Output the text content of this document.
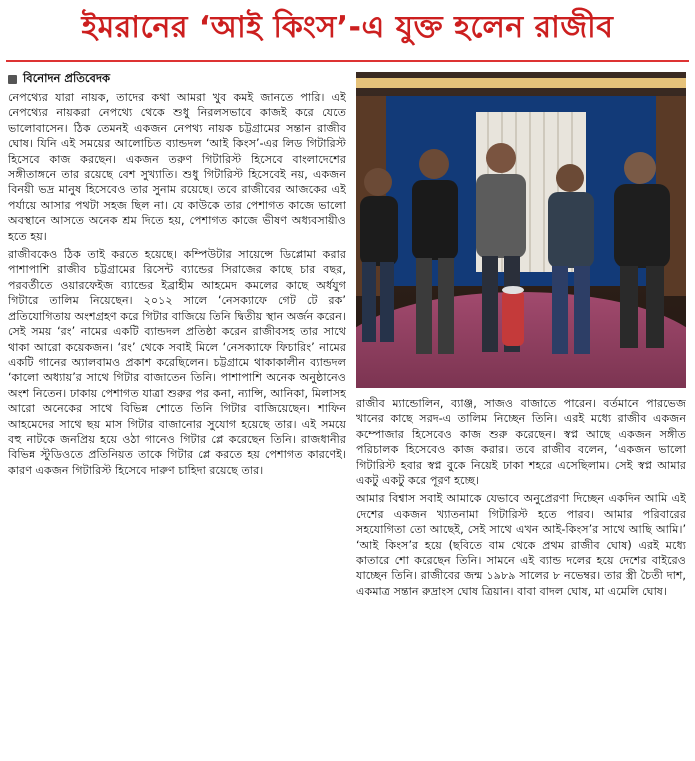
ইমরানের ‘আই কিংস’-এ যুক্ত হলেন রাজীব
বিনোদন প্রতিবেদক

নেপথ্যের যারা নায়ক, তাদের কথা আমরা খুব কমই জানতে পারি। এই নেপথ্যের নায়করা নেপথ্যে থেকে শুধু নিরলসভাবে কাজই করে যেতে ভালোবাসেন। ঠিক তেমনই একজন নেপথ্য নায়ক চট্টগ্রামের সন্তান রাজীব ঘোষ। যিনি এই সময়ের আলোচিত ব্যান্ডদল ‘আই কিংস’-এর লিড গিটারিস্ট হিসেবে কাজ করছেন। একজন তরুণ গিটারিস্ট হিসেবে বাংলাদেশের সঙ্গীতাঙ্গনে তার রয়েছে বেশ সুখ্যাতি। শুধু গিটারিস্ট হিসেবেই নয়, একজন বিনয়ী ভদ্র মানুষ হিসেবেও তার সুনাম রয়েছে। তবে রাজীবের আজকের এই পর্যায়ে আসার পথটা সহজ ছিল না। যে কাউকে তার পেশাগত কাজে ভালো অবস্থানে আসতে অনেক শ্রম দিতে হয়, পেশাগত কাজে ভীষণ অধ্যবসায়ীও হতে হয়।

রাজীবকেও ঠিক তাই করতে হয়েছে। কম্পিউটার সায়েন্সে ডিপ্লোমা করার পাশাপাশি রাজীব চট্টগ্রামের রিসেন্ট ব্যান্ডের সিরাজের কাছে চার বছর, পরবর্তীতে ওয়ারফেইজ ব্যান্ডের ইব্রাহীম আহমেদ কমলের কাছে অর্ধযুগ গিটারে তালিম নিয়েছেন। ২০১২ সালে ‘নেসক্যাফে গেট টে রক’ প্রতিযোগিতায় অংশগ্রহণ করে গিটার বাজিয়ে তিনি দ্বিতীয় স্থান অর্জন করেন। সেই সময় ‘রং’ নামের একটি ব্যান্ডদল প্রতিষ্ঠা করেন রাজীবসহ তার সাথে থাকা আরো কয়েকজন। ‘রং’ থেকে সবাই মিলে ‘নেসক্যাফে ফিচারিং’ নামের একটি গানের অ্যালবামও প্রকাশ করেছিলেন। চট্টগ্রামে থাকাকালীন ব্যান্ডদল ‘কালো অধ্যায়’র সাথে গিটার বাজাতেন তিনি। পাশাপাশি অনেক অনুষ্ঠানেও অংশ নিতেন। ঢাকায় পেশাগত যাত্রা শুরুর পর কনা, ন্যান্সি, আনিকা, মিলাসহ আরো অনেকের সাথে বিভিন্ন শোতে তিনি গিটার বাজিয়েছেন। শাফিন আহমেদের সাথে ছয় মাস গিটার বাজানোর সুযোগ হয়েছে তার। এই সময়ে বহু নাটকে জনপ্রিয় হয়ে ওঠা গানেও গিটার প্লে করেছেন তিনি। রাজধানীর বিভিন্ন স্টুডিওতে প্রতিনিয়ত তাকে গিটার প্লে করতে হয় পেশাগত কারণেই। কারণ একজন গিটারিস্ট হিসেবে দারুণ চাহিদা রয়েছে তার।

রাজীব ম্যান্ডোলিন, ব্যাঞ্জ, সাজও বাজাতে পারেন। বর্তমানে পারভেজ খানের কাছে সরদ-এ তালিম নিচ্ছেন তিনি। এরই মধ্যে রাজীব একজন কম্পোজার হিসেবেও কাজ শুরু করেছেন। স্বপ্ন আছে একজন সঙ্গীত পরিচালক হিসেবেও কাজ করার। তবে রাজীব বলেন, ‘একজন ভালো গিটারিস্ট হবার স্বপ্ন বুকে নিয়েই ঢাকা শহরে এসেছিলাম। সেই স্বপ্ন আমার একটু একটু করে পূরণ হচ্ছে।

আমার বিশ্বাস সবাই আমাকে যেভাবে অনুপ্রেরণা দিচ্ছেন একদিন আমি এই দেশের একজন খ্যাতনামা গিটারিস্ট হতে পারব। আমার পরিবারের সহযোগিতা তো আছেই, সেই সাথে এখন আই-কিংস’র সাথে আছি আমি।’ ‘আই কিংস’র হয়ে (ছবিতে বাম থেকে প্রথম রাজীব ঘোষ) এরই মধ্যে কাতারে শো করেছেন তিনি। সামনে এই ব্যান্ড দলের হয়ে দেশের বাইরেও যাচ্ছেন তিনি। রাজীবের জন্ম ১৯৮৯ সালের ৮ নভেম্বর। তার স্ত্রী চৈতী দাশ, একমাত্র সন্তান রুদ্রাংস ঘোষ ত্রিয়ান। বাবা বাদল ঘোষ, মা এমেলি ঘোষ।
